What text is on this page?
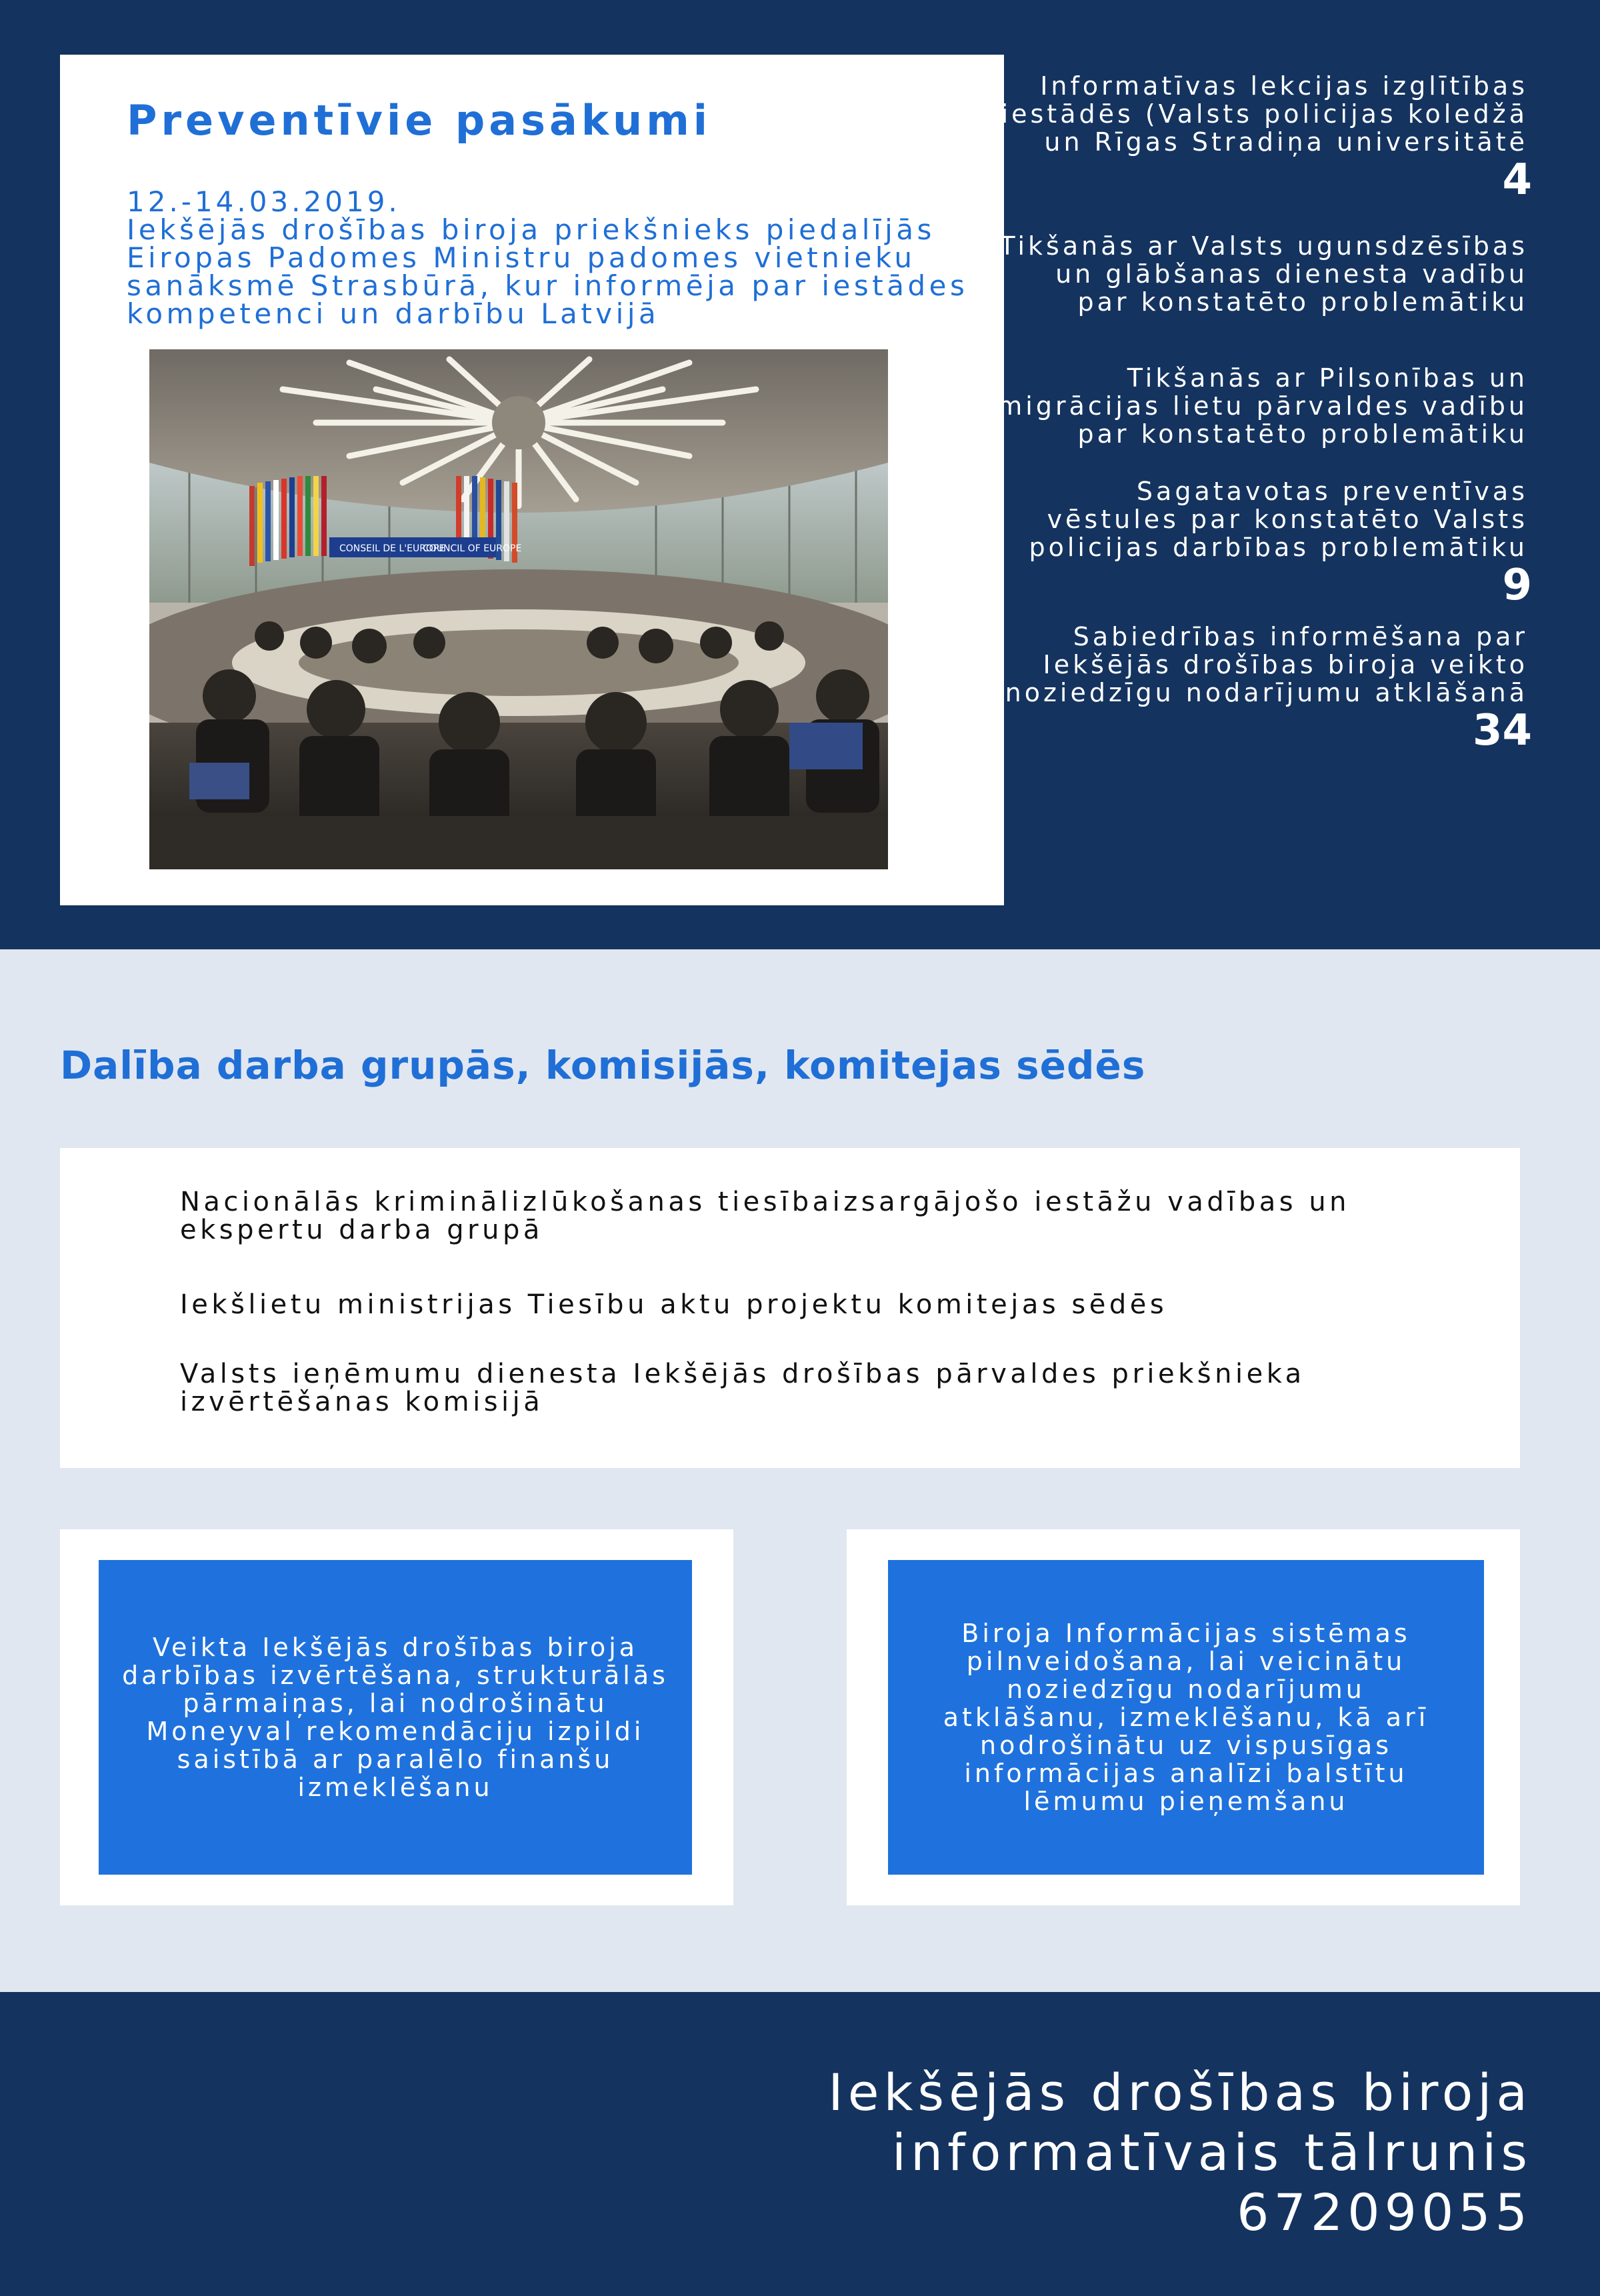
Preventīvie pasākumi
12.-14.03.2019.
Iekšējās drošības biroja priekšnieks piedalījās Eiropas Padomes Ministru padomes vietnieku sanāksmē Strasbūrā, kur informēja par iestādes kompetenci un darbību Latvijā
CONSEIL DE L'EUROPE
COUNCIL OF EUROPE

Informatīvas lekcijas izglītības iestādēs (Valsts policijas koledžā un Rīgas Stradiņa universitātē

4

Tikšanās ar Valsts ugunsdzēsības un glābšanas dienesta vadību par konstatēto problemātiku

Tikšanās ar Pilsonības un migrācijas lietu pārvaldes vadību par konstatēto problemātiku

Sagatavotas preventīvas vēstules par konstatēto Valsts policijas darbības problemātiku

9

Sabiedrības informēšana par Iekšējās drošības biroja veikto noziedzīgu nodarījumu atklāšanā

34

Dalība darba grupās, komisijās, komitejas sēdēs

Nacionālās kriminālizlūkošanas tiesībaizsargājošo iestāžu vadības un ekspertu darba grupā

Iekšlietu ministrijas Tiesību aktu projektu komitejas sēdēs

Valsts ieņēmumu dienesta Iekšējās drošības pārvaldes priekšnieka izvērtēšanas komisijā

Veikta Iekšējās drošības biroja darbības izvērtēšana, strukturālās pārmaiņas, lai nodrošinātu Moneyval rekomendāciju izpildi saistībā ar paralēlo finanšu izmeklēšanu

Biroja Informācijas sistēmas pilnveidošana, lai veicinātu noziedzīgu nodarījumu atklāšanu, izmeklēšanu, kā arī nodrošinātu uz vispusīgas informācijas analīzi balstītu lēmumu pieņemšanu

Iekšējās drošības biroja
informatīvais tālrunis
67209055
